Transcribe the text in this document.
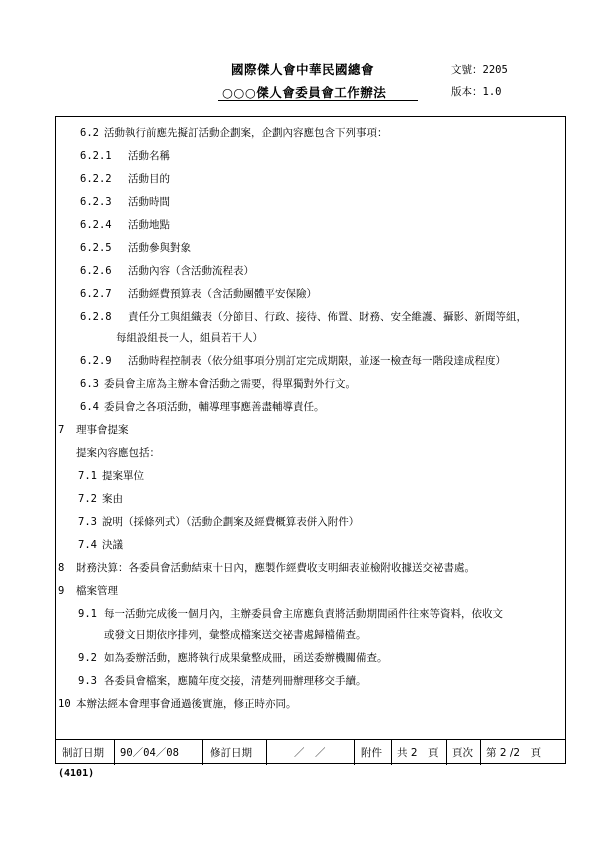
國際傑人會中華民國總會
○○○傑人會委員會工作辦法
文號：2205
版本：1.0
6.2 活動執行前應先擬訂活動企劃案，企劃內容應包含下列事項：
6.2.1 活動名稱
6.2.2 活動目的
6.2.3 活動時間
6.2.4 活動地點
6.2.5 活動參與對象
6.2.6 活動內容（含活動流程表）
6.2.7 活動經費預算表（含活動團體平安保險）
6.2.8 責任分工與組織表（分節目、行政、接待、佈置、財務、安全維護、攝影、新聞等組，
每組設組長一人，組員若干人）
6.2.9 活動時程控制表（依分組事項分別訂定完成期限，並逐一檢查每一階段達成程度）
6.3 委員會主席為主辦本會活動之需要，得單獨對外行文。
6.4 委員會之各項活動，輔導理事應善盡輔導責任。
7 理事會提案
提案內容應包括：
7.1 提案單位
7.2 案由
7.3 說明（採條列式）（活動企劃案及經費概算表併入附件）
7.4 決議
8 財務決算：各委員會活動結束十日內，應製作經費收支明細表並檢附收據送交祕書處。
9 檔案管理
9.1 每一活動完成後一個月內，主辦委員會主席應負責將活動期間函件往來等資料，依收文
或發文日期依序排列，彙整成檔案送交祕書處歸檔備查。
9.2 如為委辦活動，應將執行成果彙整成冊，函送委辦機關備查。
9.3 各委員會檔案，應隨年度交接，清楚列冊辦理移交手續。
10 本辦法經本會理事會通過後實施，修正時亦同。
制訂日期 90／04／08	修訂日期	／　／	附件 共 2　頁 頁次 第 2 /2　頁
(4101)
